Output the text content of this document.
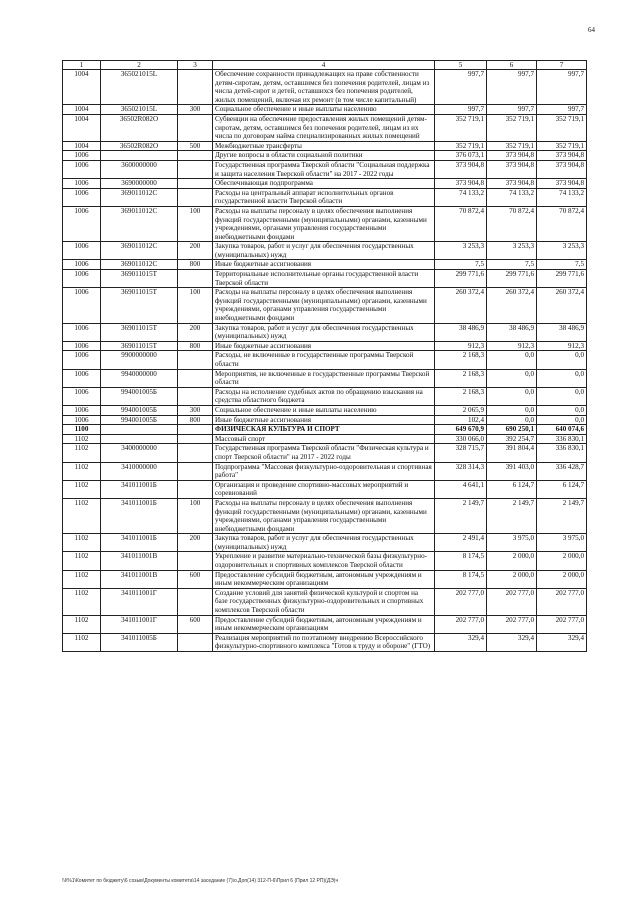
64
1	2	3	4	5	6	7
1004	365021015L		Обеспечение сохранности принадлежащих на праве собственности детям-сиротам, детям, оставшимся без попечения родителей, лицам из числа детей-сирот и детей, оставшихся без попечения родителей, жилых помещений, включая их ремонт (в том числе капитальный)	997,7	997,7	997,7
1004	365021015L	300	Социальное обеспечение и иные выплаты населению	997,7	997,7	997,7
1004	36502R082O		Субвенции на обеспечение предоставления жилых помещений детям-сиротам, детям, оставшимся без попечения родителей, лицам из их числа по договорам найма специализированных жилых помещений	352 719,1	352 719,1	352 719,1
1004	36502R082O	500	Межбюджетные трансферты	352 719,1	352 719,1	352 719,1
1006			Другие вопросы в области социальной политики	376 073,1	373 904,8	373 904,8
1006	3600000000		Государственная программа Тверской области "Социальная поддержка и защита населения Тверской области" на 2017 - 2022 годы	373 904,8	373 904,8	373 904,8
1006	3690000000		Обеспечивающая подпрограмма	373 904,8	373 904,8	373 904,8
1006	369011012С		Расходы на центральный аппарат исполнительных органов государственной власти Тверской области	74 133,2	74 133,2	74 133,2
1006	369011012С	100	Расходы на выплаты персоналу в целях обеспечения выполнения функций государственными (муниципальными) органами, казенными учреждениями, органами управления государственными внебюджетными фондами	70 872,4	70 872,4	70 872,4
1006	369011012С	200	Закупка товаров, работ и услуг для обеспечения государственных (муниципальных) нужд	3 253,3	3 253,3	3 253,3
1006	369011012С	800	Иные бюджетные ассигнования	7,5	7,5	7,5
1006	369011015Т		Территориальные исполнительные органы государственной власти Тверской области	299 771,6	299 771,6	299 771,6
1006	369011015Т	100	Расходы на выплаты персоналу в целях обеспечения выполнения функций государственными (муниципальными) органами, казенными учреждениями, органами управления государственными внебюджетными фондами	260 372,4	260 372,4	260 372,4
1006	369011015Т	200	Закупка товаров, работ и услуг для обеспечения государственных (муниципальных) нужд	38 486,9	38 486,9	38 486,9
1006	369011015Т	800	Иные бюджетные ассигнования	912,3	912,3	912,3
1006	9900000000		Расходы, не включенные в государственные программы Тверской области	2 168,3	0,0	0,0
1006	9940000000		Мероприятия, не включенные в государственные программы Тверской области	2 168,3	0,0	0,0
1006	994001005Б		Расходы на исполнение судебных актов по обращению взыскания на средства областного бюджета	2 168,3	0,0	0,0
1006	994001005Б	300	Социальное обеспечение и иные выплаты населению	2 065,9	0,0	0,0
1006	994001005Б	800	Иные бюджетные ассигнования	102,4	0,0	0,0
1100			ФИЗИЧЕСКАЯ КУЛЬТУРА И СПОРТ	649 670,9	690 250,1	640 074,6
1102			Массовый спорт	330 066,0	392 254,7	336 830,1
1102	3400000000		Государственная программа Тверской области "Физическая культура и спорт Тверской области" на 2017 - 2022 годы	328 715,7	391 804,4	336 830,1
1102	3410000000		Подпрограмма "Массовая физкультурно-оздоровительная и спортивная работа"	328 314,3	391 403,0	336 428,7
1102	341011001Б		Организация и проведение спортивно-массовых мероприятий и соревнований	4 641,1	6 124,7	6 124,7
1102	341011001Б	100	Расходы на выплаты персоналу в целях обеспечения выполнения функций государственными (муниципальными) органами, казенными учреждениями, органами управления государственными внебюджетными фондами	2 149,7	2 149,7	2 149,7
1102	341011001Б	200	Закупка товаров, работ и услуг для обеспечения государственных (муниципальных) нужд	2 491,4	3 975,0	3 975,0
1102	341011001В		Укрепление и развитие материально-технической базы физкультурно-оздоровительных и спортивных комплексов Тверской области	8 174,5	2 000,0	2 000,0
1102	341011001В	600	Предоставление субсидий бюджетным, автономным учреждениям и иным некоммерческим организациям	8 174,5	2 000,0	2 000,0
1102	341011001Г		Создание условий для занятий физической культурой и спортом на базе государственных физкультурно-оздоровительных и спортивных комплексов Тверской области	202 777,0	202 777,0	202 777,0
1102	341011001Г	600	Предоставление субсидий бюджетным, автономным учреждениям и иным некоммерческим организациям	202 777,0	202 777,0	202 777,0
1102	341011005Б		Реализация мероприятий по поэтапному внедрению Всероссийского физкультурно-спортивного комплекса "Готов к труду и обороне" (ГТО)	329,4	329,4	329,4
\\l\%1\Комитет по бюджету\6 созыв\Документы комитета\14 заседание (7)\о.Доп(14) 312-П-6\Прил 6 (Прил 12 РП)(ДЭ)ч
